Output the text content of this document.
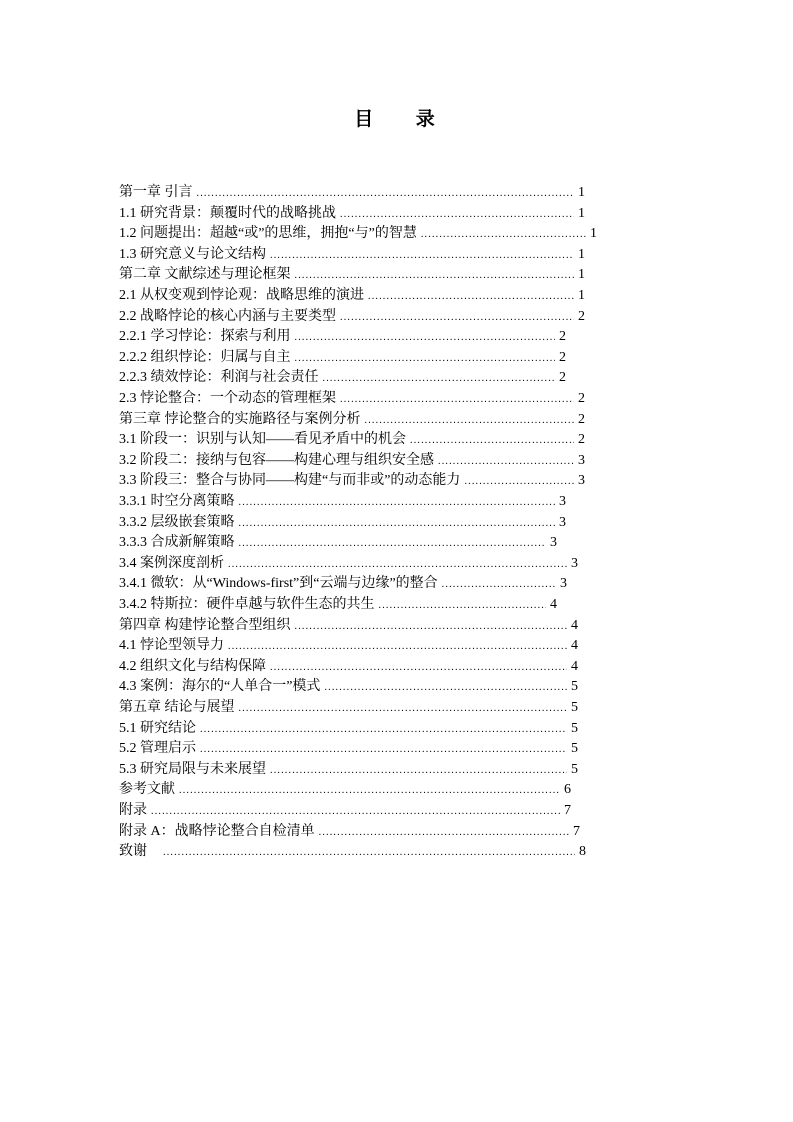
目 录
第一章 引言 .....	1
1.1 研究背景：颠覆时代的战略挑战 .....	1
1.2 问题提出：超越“或”的思维，拥抱“与”的智慧 .....	1
1.3 研究意义与论文结构 .....	1
第二章 文献综述与理论框架 .....	1
2.1 从权变观到悖论观：战略思维的演进 .....	1
2.2 战略悖论的核心内涵与主要类型 .....	2
2.2.1 学习悖论：探索与利用 .....	2
2.2.2 组织悖论：归属与自主 .....	2
2.2.3 绩效悖论：利润与社会责任 .....	2
2.3 悖论整合：一个动态的管理框架 .....	2
第三章 悖论整合的实施路径与案例分析 .....	2
3.1 阶段一：识别与认知——看见矛盾中的机会 .....	2
3.2 阶段二：接纳与包容——构建心理与组织安全感 .....	3
3.3 阶段三：整合与协同——构建“与而非或”的动态能力 .....	3
3.3.1 时空分离策略 .....	3
3.3.2 层级嵌套策略 .....	3
3.3.3 合成新解策略 .....	3
3.4 案例深度剖析 .....	3
3.4.1 微软：从“Windows-first”到“云端与边缘”的整合 .....	3
3.4.2 特斯拉：硬件卓越与软件生态的共生 .....	4
第四章 构建悖论整合型组织 .....	4
4.1 悖论型领导力 .....	4
4.2 组织文化与结构保障 .....	4
4.3 案例：海尔的“人单合一”模式 .....	5
第五章 结论与展望 .....	5
5.1 研究结论 .....	5
5.2 管理启示 .....	5
5.3 研究局限与未来展望 .....	5
参考文献 .....	6
附录 .....	7
附录 A：战略悖论整合自检清单 .....	7
致谢 .....	8
